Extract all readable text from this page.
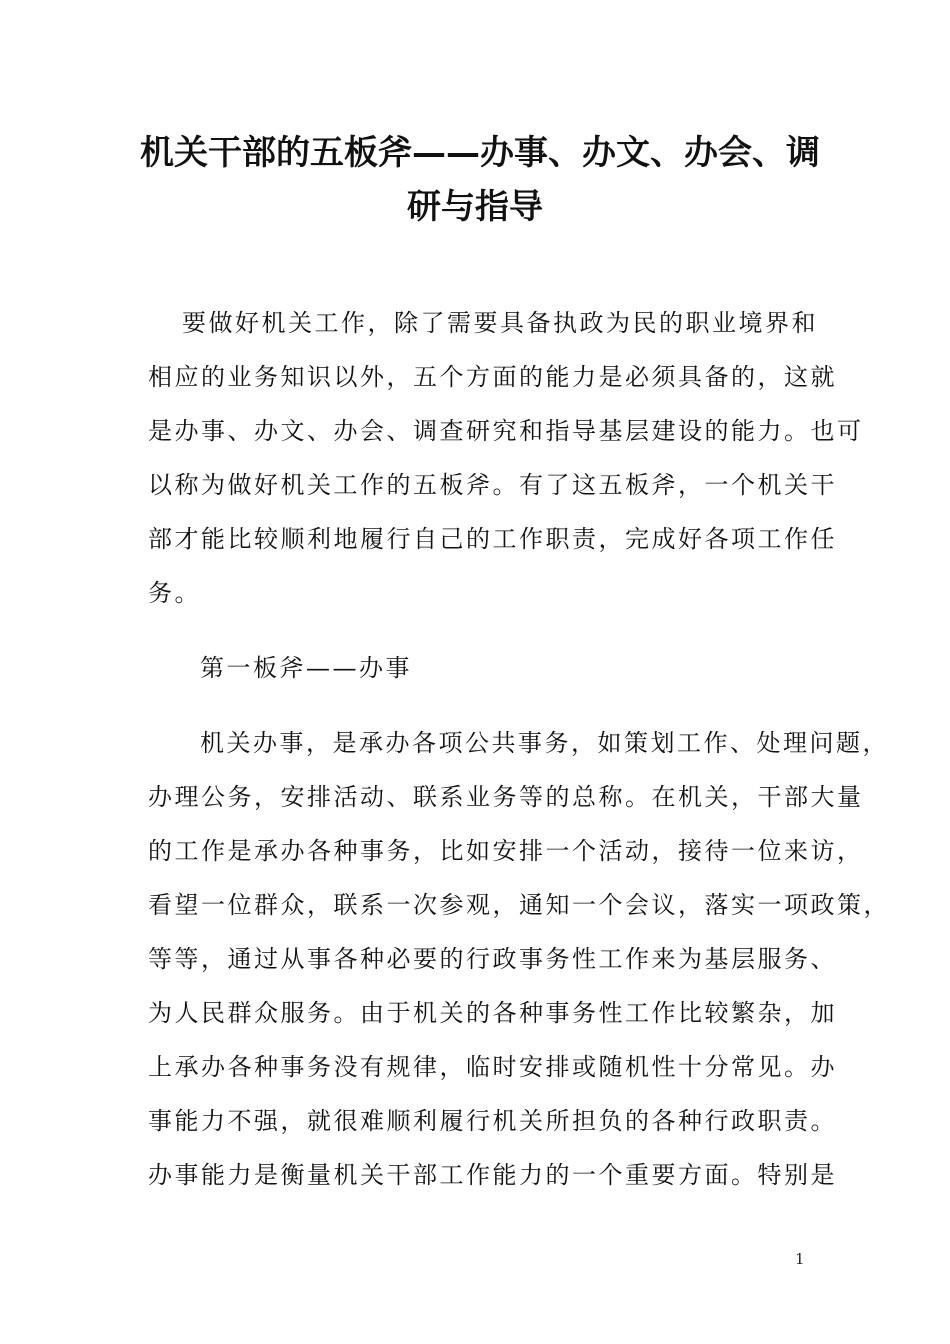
机关干部的五板斧——办事、办文、办会、调
研与指导

要做好机关工作，除了需要具备执政为民的职业境界和
相应的业务知识以外，五个方面的能力是必须具备的，这就
是办事、办文、办会、调查研究和指导基层建设的能力。也可
以称为做好机关工作的五板斧。有了这五板斧，一个机关干
部才能比较顺利地履行自己的工作职责，完成好各项工作任
务。

第一板斧——办事

机关办事，是承办各项公共事务，如策划工作、处理问题，
办理公务，安排活动、联系业务等的总称。在机关，干部大量
的工作是承办各种事务，比如安排一个活动，接待一位来访，
看望一位群众，联系一次参观，通知一个会议，落实一项政策，
等等，通过从事各种必要的行政事务性工作来为基层服务、
为人民群众服务。由于机关的各种事务性工作比较繁杂，加
上承办各种事务没有规律，临时安排或随机性十分常见。办
事能力不强，就很难顺利履行机关所担负的各种行政职责。
办事能力是衡量机关干部工作能力的一个重要方面。特别是

1
